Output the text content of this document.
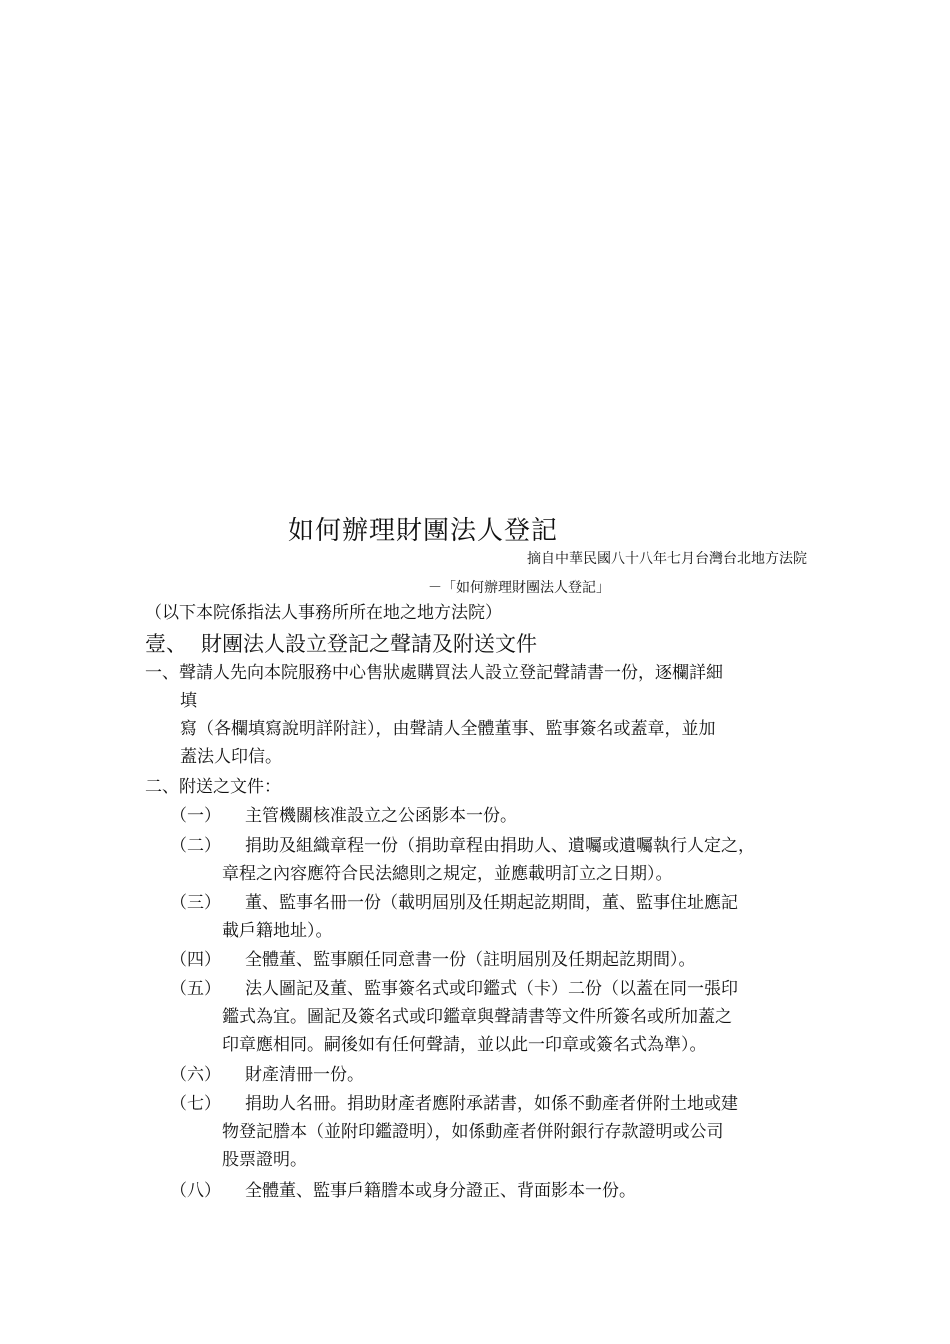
如何辦理財團法人登記
摘自中華民國八十八年七月台灣台北地方法院
－「如何辦理財團法人登記」
（以下本院係指法人事務所所在地之地方法院）
壹、 財團法人設立登記之聲請及附送文件
一、聲請人先向本院服務中心售狀處購買法人設立登記聲請書一份，逐欄詳細
填
寫（各欄填寫說明詳附註），由聲請人全體董事、監事簽名或蓋章，並加
蓋法人印信。
二、附送之文件：
（一） 主管機關核准設立之公函影本一份。
（二） 捐助及組織章程一份（捐助章程由捐助人、遺囑或遺囑執行人定之，
章程之內容應符合民法總則之規定，並應載明訂立之日期）。
（三） 董、監事名冊一份（載明屆別及任期起訖期間，董、監事住址應記
載戶籍地址）。
（四） 全體董、監事願任同意書一份（註明屆別及任期起訖期間）。
（五） 法人圖記及董、監事簽名式或印鑑式（卡）二份（以蓋在同一張印
鑑式為宜。圖記及簽名式或印鑑章與聲請書等文件所簽名或所加蓋之
印章應相同。嗣後如有任何聲請，並以此一印章或簽名式為準）。
（六） 財產清冊一份。
（七） 捐助人名冊。捐助財產者應附承諾書，如係不動產者併附土地或建
物登記謄本（並附印鑑證明），如係動產者併附銀行存款證明或公司
股票證明。
（八） 全體董、監事戶籍謄本或身分證正、背面影本一份。
